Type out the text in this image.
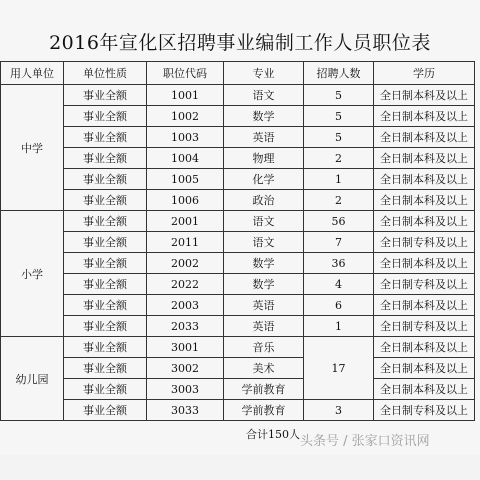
2016年宣化区招聘事业编制工作人员职位表
用人单位	单位性质	职位代码	专业	招聘人数	学历
中学	事业全额	1001	语文	5	全日制本科及以上
	事业全额	1002	数学	5	全日制本科及以上
	事业全额	1003	英语	5	全日制本科及以上
	事业全额	1004	物理	2	全日制本科及以上
	事业全额	1005	化学	1	全日制本科及以上
	事业全额	1006	政治	2	全日制本科及以上
小学	事业全额	2001	语文	56	全日制本科及以上
	事业全额	2011	语文	7	全日制专科及以上
	事业全额	2002	数学	36	全日制本科及以上
	事业全额	2022	数学	4	全日制专科及以上
	事业全额	2003	英语	6	全日制本科及以上
	事业全额	2033	英语	1	全日制专科及以上
幼儿园	事业全额	3001	音乐	17	全日制本科及以上
	事业全额	3002	美术		全日制本科及以上
	事业全额	3003	学前教育		全日制本科及以上
	事业全额	3033	学前教育	3	全日制专科及以上
合计150人 头条号 / 张家口资讯网
